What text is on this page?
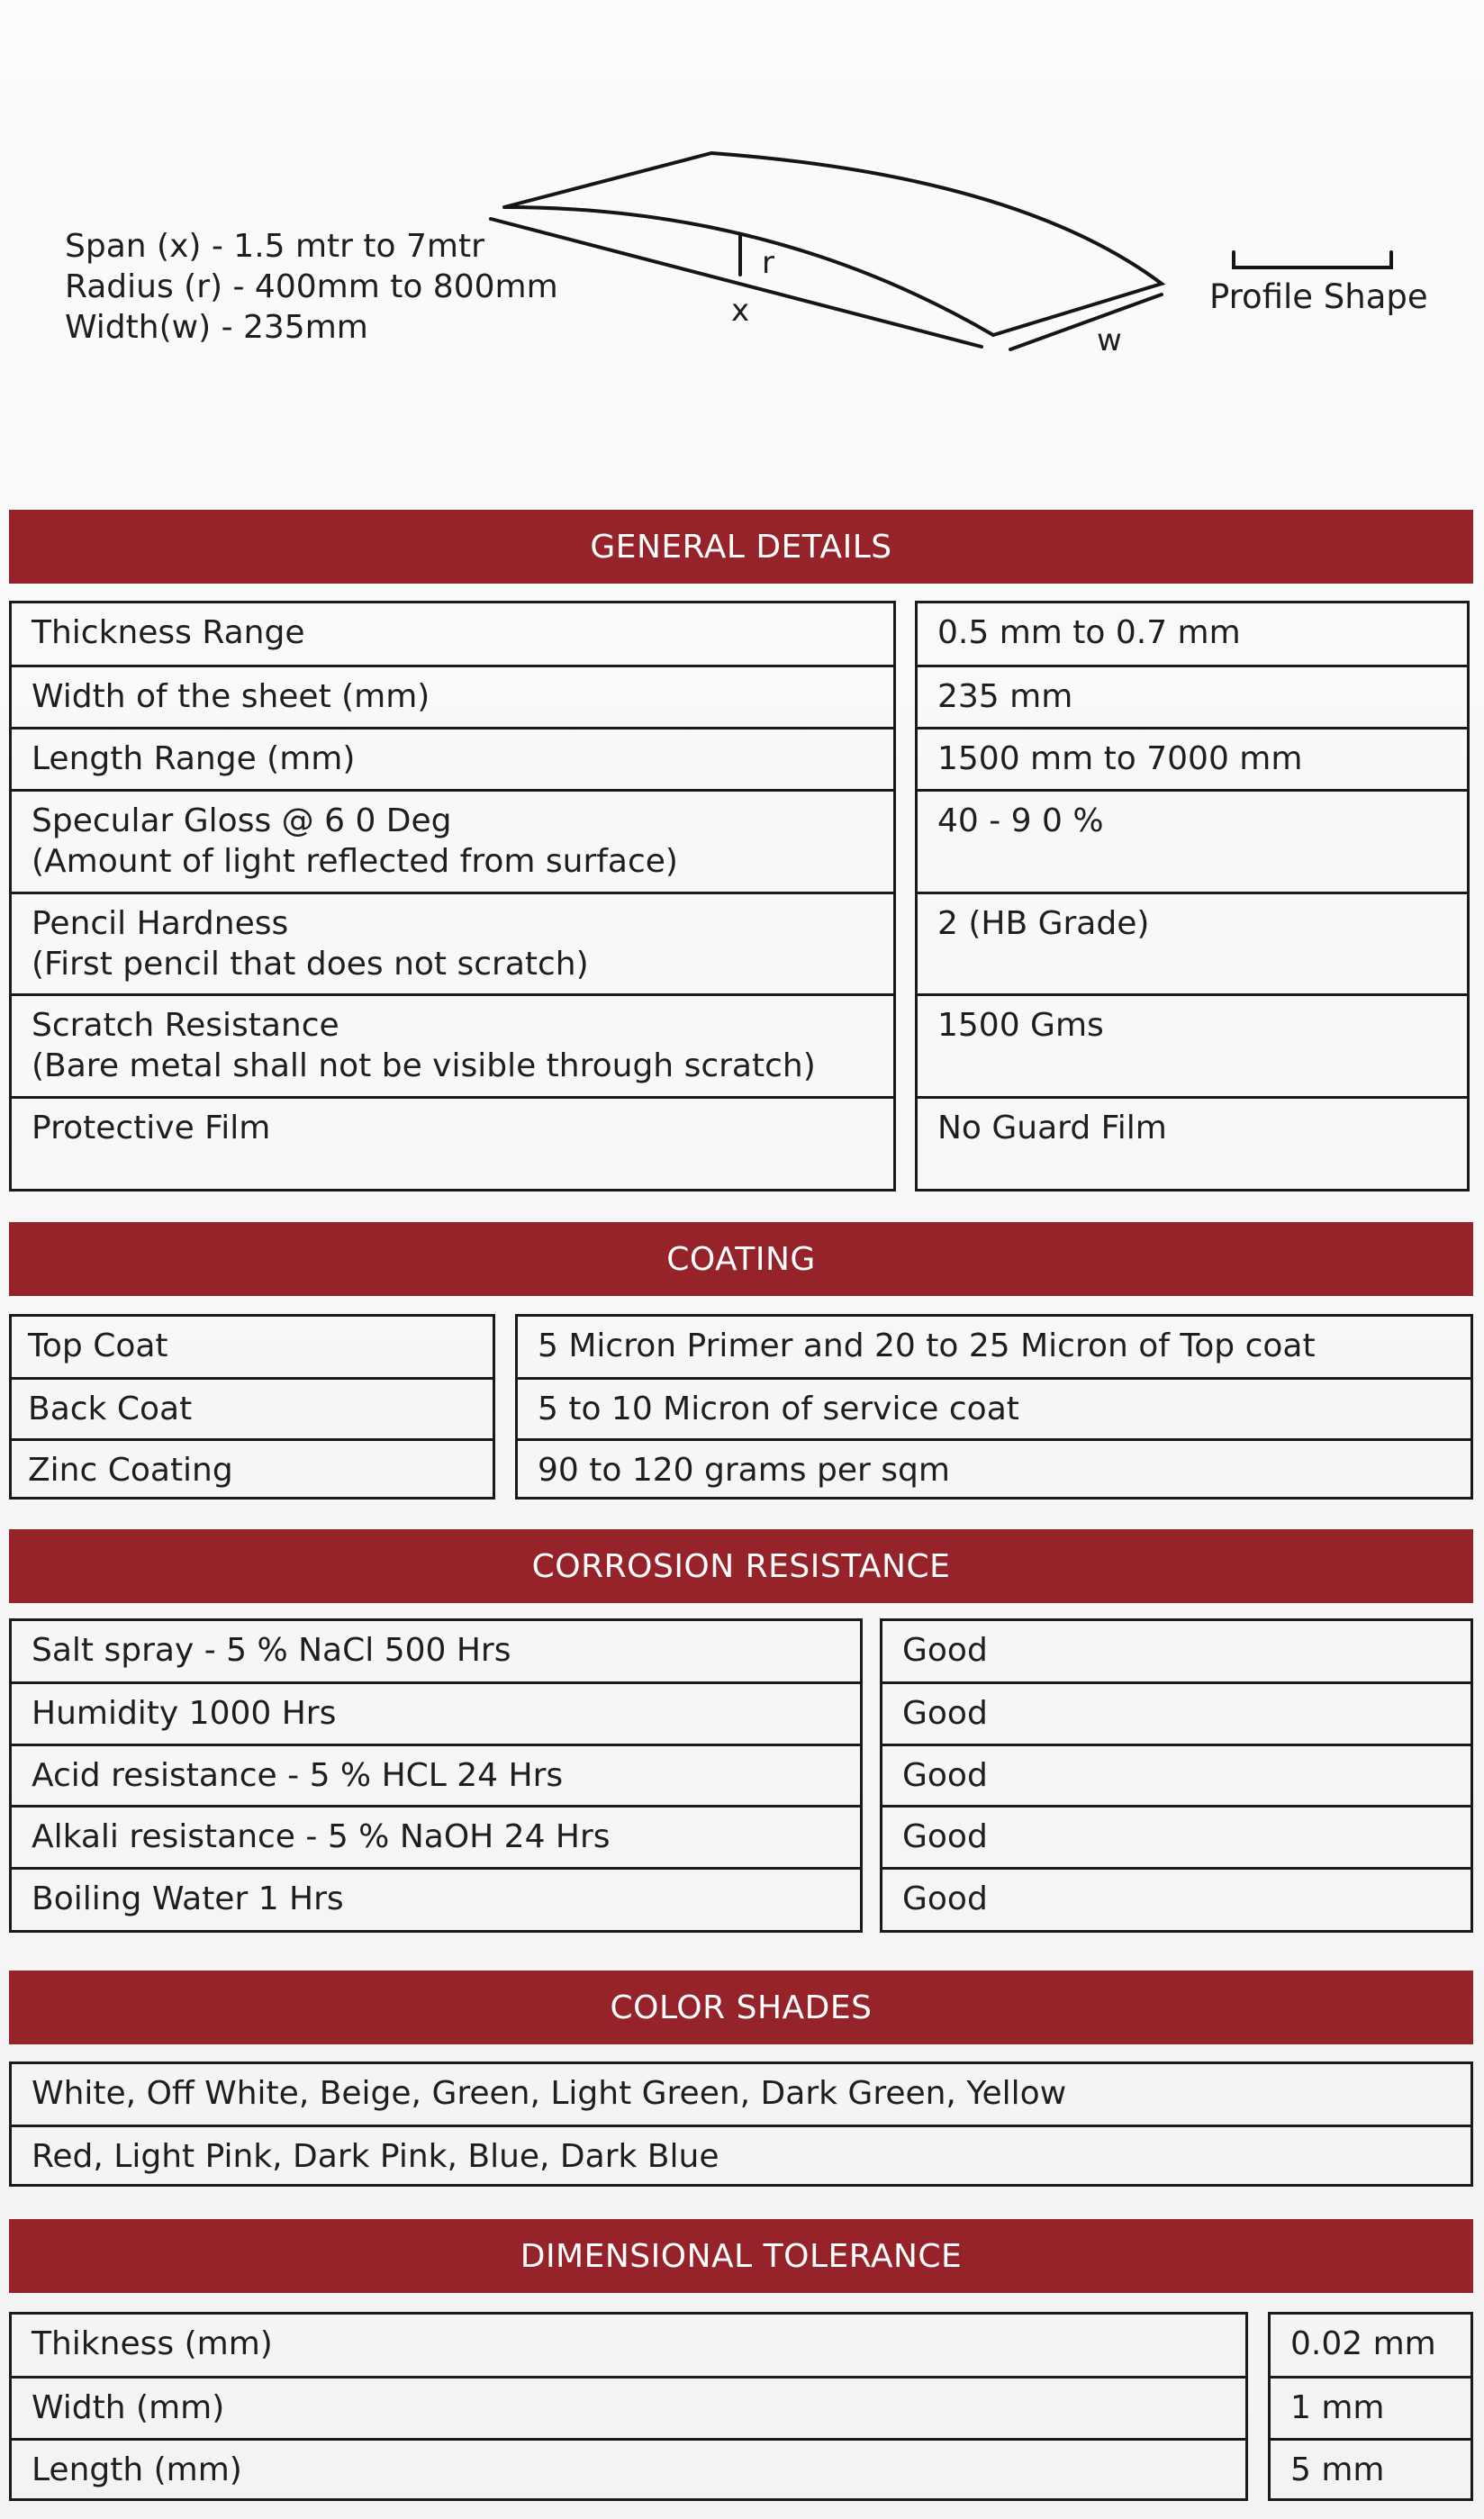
Span (x) - 1.5 mtr to 7mtr
Radius (r) - 400mm to 800mm
Width(w) - 235mm
r
x
w
Profile Shape
GENERAL DETAILS
Thickness Range
Width of the sheet (mm)
Length Range (mm)
Specular Gloss @ 6 0 Deg
(Amount of light reflected from surface)
Pencil Hardness
(First pencil that does not scratch)
Scratch Resistance
(Bare metal shall not be visible through scratch)
Protective Film
0.5 mm to 0.7 mm
235 mm
1500 mm to 7000 mm
40 - 9 0 %
2 (HB Grade)
1500 Gms
No Guard Film
COATING
Top Coat
Back Coat
Zinc Coating
5 Micron Primer and 20 to 25 Micron of Top coat
5 to 10 Micron of service coat
90 to 120 grams per sqm
CORROSION RESISTANCE
Salt spray - 5 % NaCl 500 Hrs
Humidity 1000 Hrs
Acid resistance - 5 % HCL 24 Hrs
Alkali resistance - 5 % NaOH 24 Hrs
Boiling Water 1 Hrs
Good
Good
Good
Good
Good
COLOR SHADES
White, Off White, Beige, Green, Light Green, Dark Green, Yellow
Red, Light Pink, Dark Pink, Blue, Dark Blue
DIMENSIONAL TOLERANCE
Thikness (mm)
Width (mm)
Length (mm)
0.02 mm
1 mm
5 mm
